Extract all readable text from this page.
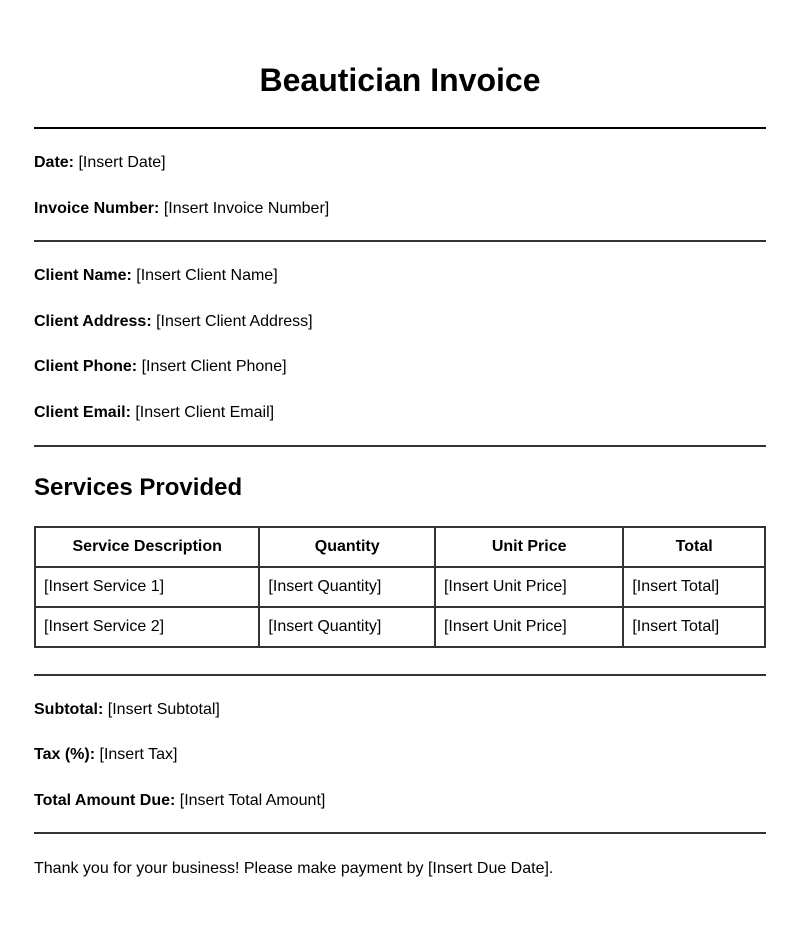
Beautician Invoice
Date: [Insert Date]
Invoice Number: [Insert Invoice Number]
Client Name: [Insert Client Name]
Client Address: [Insert Client Address]
Client Phone: [Insert Client Phone]
Client Email: [Insert Client Email]
Services Provided
Service Description	Quantity	Unit Price	Total
[Insert Service 1]	[Insert Quantity]	[Insert Unit Price]	[Insert Total]
[Insert Service 2]	[Insert Quantity]	[Insert Unit Price]	[Insert Total]
Subtotal: [Insert Subtotal]
Tax (%): [Insert Tax]
Total Amount Due: [Insert Total Amount]
Thank you for your business! Please make payment by [Insert Due Date].
